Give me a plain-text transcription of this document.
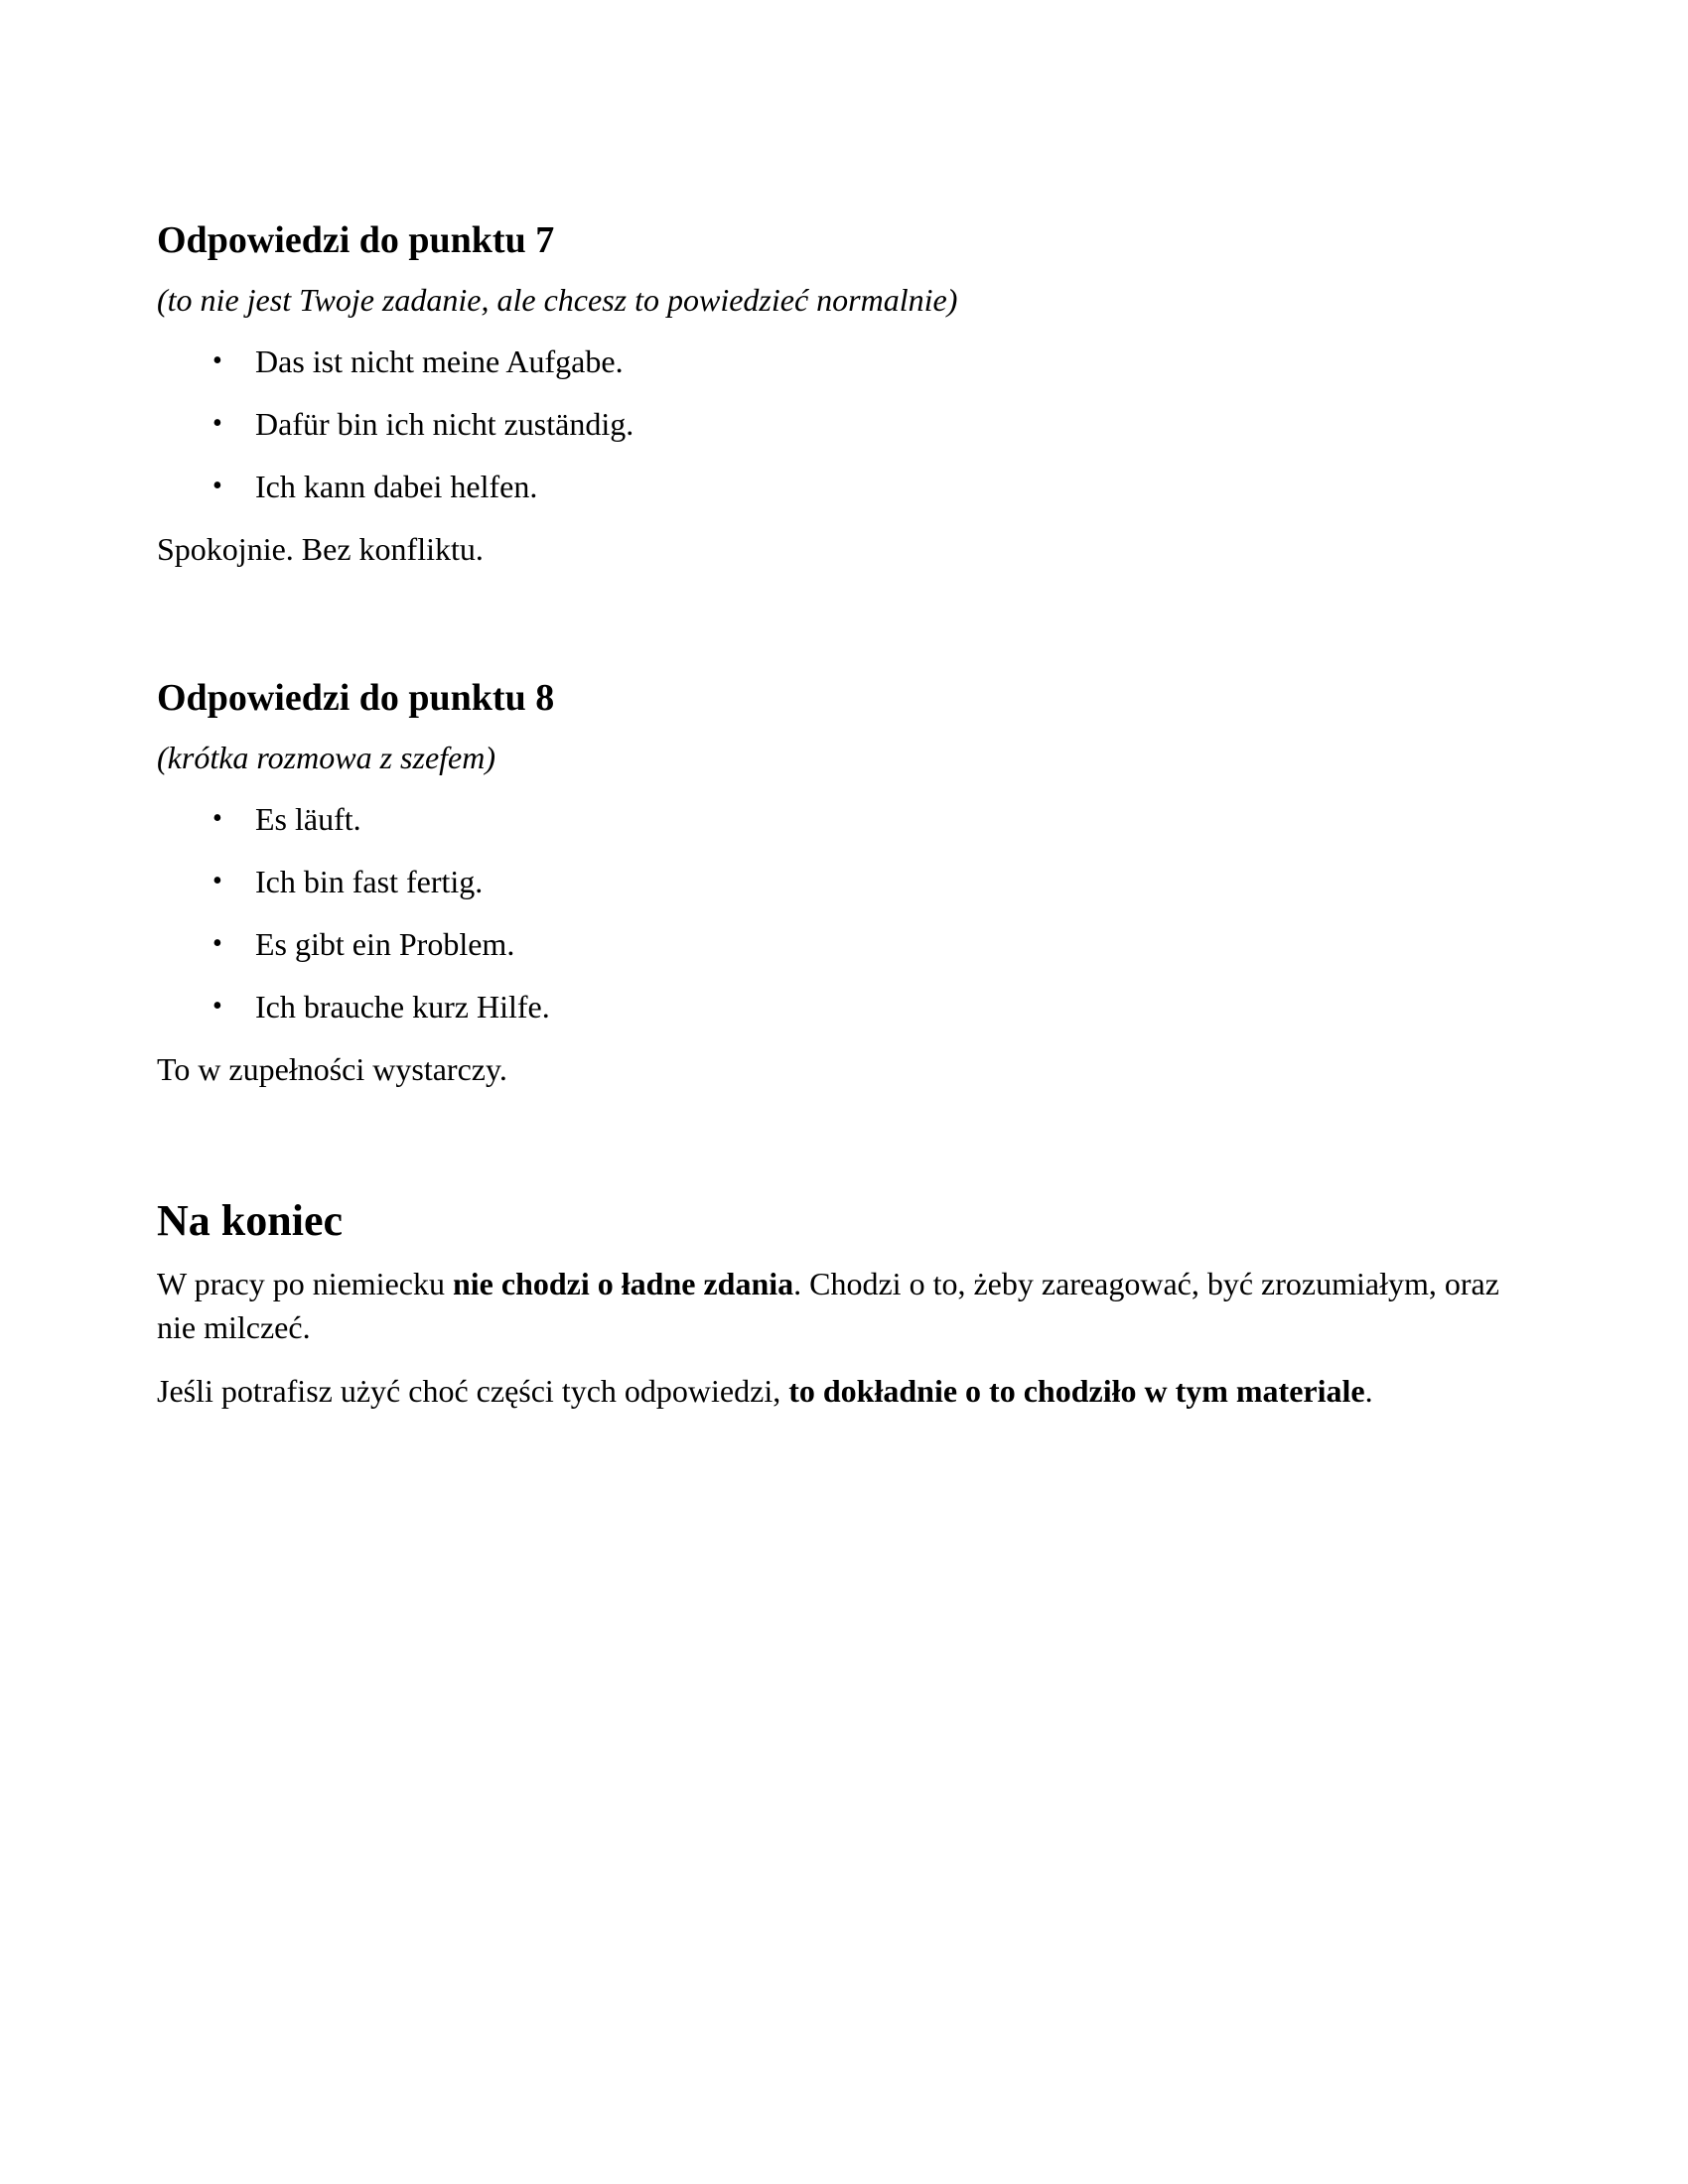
Odpowiedzi do punktu 7

(to nie jest Twoje zadanie, ale chcesz to powiedzieć normalnie)

• Das ist nicht meine Aufgabe.
• Dafür bin ich nicht zuständig.
• Ich kann dabei helfen.

Spokojnie. Bez konfliktu.

Odpowiedzi do punktu 8

(krótka rozmowa z szefem)

• Es läuft.
• Ich bin fast fertig.
• Es gibt ein Problem.
• Ich brauche kurz Hilfe.

To w zupełności wystarczy.

Na koniec

W pracy po niemiecku nie chodzi o ładne zdania. Chodzi o to, żeby zareagować, być zrozumiałym, oraz nie milczeć.

Jeśli potrafisz użyć choć części tych odpowiedzi, to dokładnie o to chodziło w tym materiale.
